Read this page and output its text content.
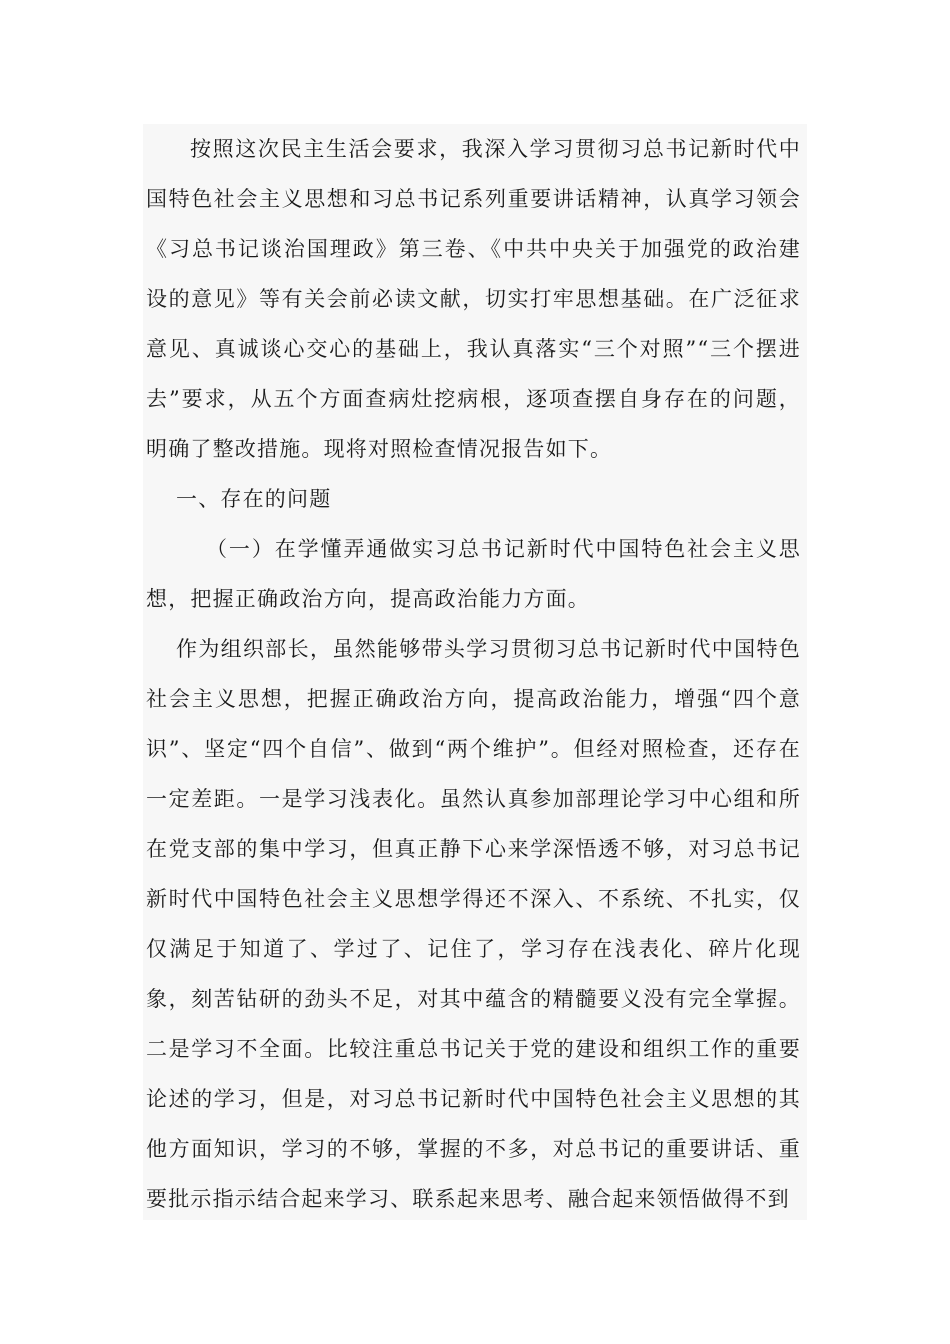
按照这次民主生活会要求，我深入学习贯彻习总书记新时代中国特色社会主义思想和习总书记系列重要讲话精神，认真学习领会《习总书记谈治国理政》第三卷、《中共中央关于加强党的政治建设的意见》等有关会前必读文献，切实打牢思想基础。在广泛征求意见、真诚谈心交心的基础上，我认真落实“三个对照”“三个摆进去”要求，从五个方面查病灶挖病根，逐项查摆自身存在的问题，明确了整改措施。现将对照检查情况报告如下。

一、存在的问题

（一）在学懂弄通做实习总书记新时代中国特色社会主义思想，把握正确政治方向，提高政治能力方面。

作为组织部长，虽然能够带头学习贯彻习总书记新时代中国特色社会主义思想，把握正确政治方向，提高政治能力，增强“四个意识”、坚定“四个自信”、做到“两个维护”。但经对照检查，还存在一定差距。一是学习浅表化。虽然认真参加部理论学习中心组和所在党支部的集中学习，但真正静下心来学深悟透不够，对习总书记新时代中国特色社会主义思想学得还不深入、不系统、不扎实，仅仅满足于知道了、学过了、记住了，学习存在浅表化、碎片化现象，刻苦钻研的劲头不足，对其中蕴含的精髓要义没有完全掌握。二是学习不全面。比较注重总书记关于党的建设和组织工作的重要论述的学习，但是，对习总书记新时代中国特色社会主义思想的其他方面知识，学习的不够，掌握的不多，对总书记的重要讲话、重要批示指示结合起来学习、联系起来思考、融合起来领悟做得不到
